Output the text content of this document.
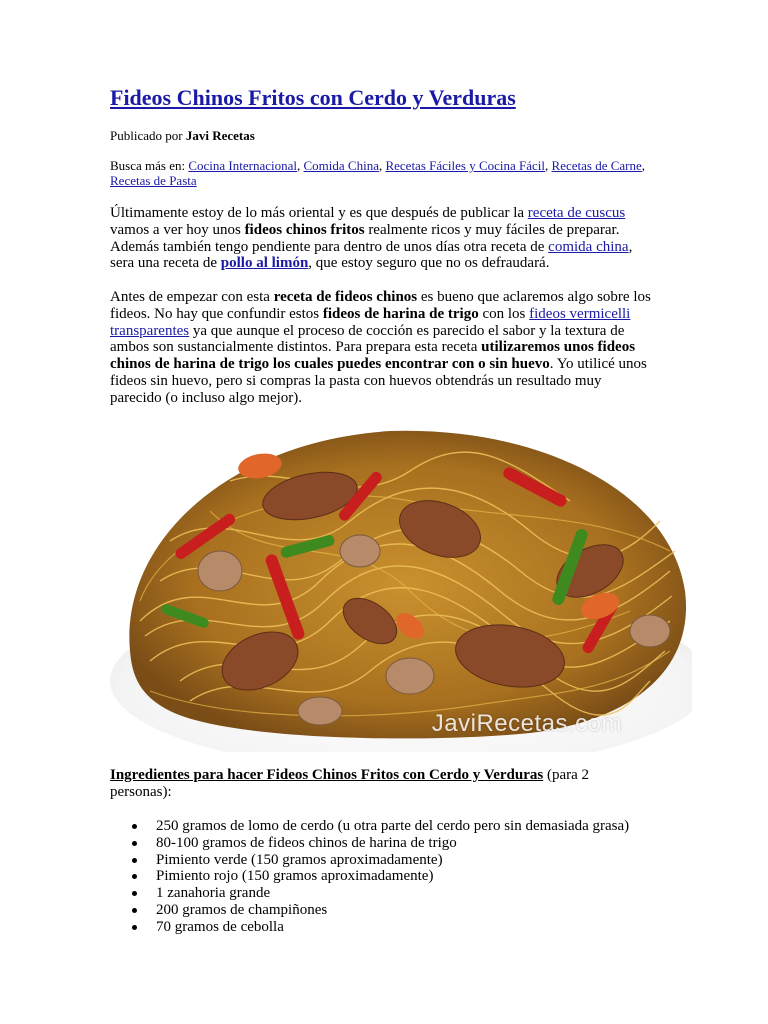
Fideos Chinos Fritos con Cerdo y Verduras
Publicado por Javi Recetas
Busca más en: Cocina Internacional, Comida China, Recetas Fáciles y Cocina Fácil, Recetas de Carne, Recetas de Pasta

Últimamente estoy de lo más oriental y es que después de publicar la receta de cuscus vamos a ver hoy unos fideos chinos fritos realmente ricos y muy fáciles de preparar. Además también tengo pendiente para dentro de unos días otra receta de comida china, sera una receta de pollo al limón, que estoy seguro que no os defraudará.

Antes de empezar con esta receta de fideos chinos es bueno que aclaremos algo sobre los fideos. No hay que confundir estos fideos de harina de trigo con los fideos vermicelli transparentes ya que aunque el proceso de cocción es parecido el sabor y la textura de ambos son sustancialmente distintos. Para prepara esta receta utilizaremos unos fideos chinos de harina de trigo los cuales puedes encontrar con o sin huevo. Yo utilicé unos fideos sin huevo, pero si compras la pasta con huevos obtendrás un resultado muy parecido (o incluso algo mejor).

JaviRecetas.com

Ingredientes para hacer Fideos Chinos Fritos con Cerdo y Verduras (para 2 personas):

250 gramos de lomo de cerdo (u otra parte del cerdo pero sin demasiada grasa)
80-100 gramos de fideos chinos de harina de trigo
Pimiento verde (150 gramos aproximadamente)
Pimiento rojo (150 gramos aproximadamente)
1 zanahoria grande
200 gramos de champiñones
70 gramos de cebolla
